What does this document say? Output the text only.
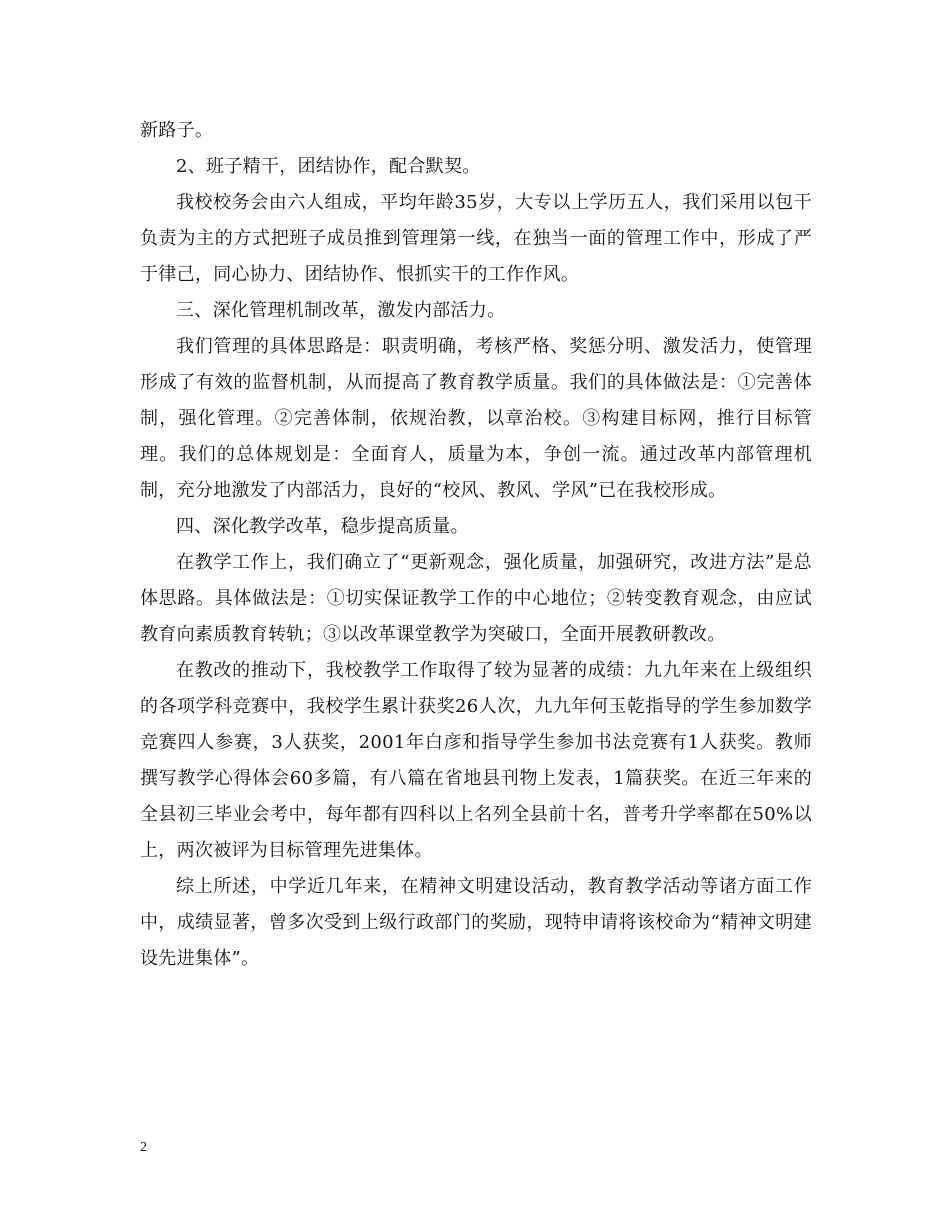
新路子。

2、班子精干，团结协作，配合默契。

我校校务会由六人组成，平均年龄35岁，大专以上学历五人，我们采用以包干负责为主的方式把班子成员推到管理第一线，在独当一面的管理工作中，形成了严于律己，同心协力、团结协作、恨抓实干的工作作风。

三、深化管理机制改革，激发内部活力。

我们管理的具体思路是：职责明确，考核严格、奖惩分明、激发活力，使管理形成了有效的监督机制，从而提高了教育教学质量。我们的具体做法是：①完善体制，强化管理。②完善体制，依规治教，以章治校。③构建目标网，推行目标管理。我们的总体规划是：全面育人，质量为本，争创一流。通过改革内部管理机制，充分地激发了内部活力，良好的“校风、教风、学风”已在我校形成。

四、深化教学改革，稳步提高质量。

在教学工作上，我们确立了“更新观念，强化质量，加强研究，改进方法”是总体思路。具体做法是：①切实保证教学工作的中心地位；②转变教育观念，由应试教育向素质教育转轨；③以改革课堂教学为突破口，全面开展教研教改。

在教改的推动下，我校教学工作取得了较为显著的成绩：九九年来在上级组织的各项学科竞赛中，我校学生累计获奖26人次，九九年何玉乾指导的学生参加数学竞赛四人参赛，3人获奖，2001年白彦和指导学生参加书法竞赛有1人获奖。教师撰写教学心得体会60多篇，有八篇在省地县刊物上发表，1篇获奖。在近三年来的全县初三毕业会考中，每年都有四科以上名列全县前十名，普考升学率都在50%以上，两次被评为目标管理先进集体。

综上所述，中学近几年来，在精神文明建设活动，教育教学活动等诸方面工作中，成绩显著，曾多次受到上级行政部门的奖励，现特申请将该校命为“精神文明建设先进集体”。

2
